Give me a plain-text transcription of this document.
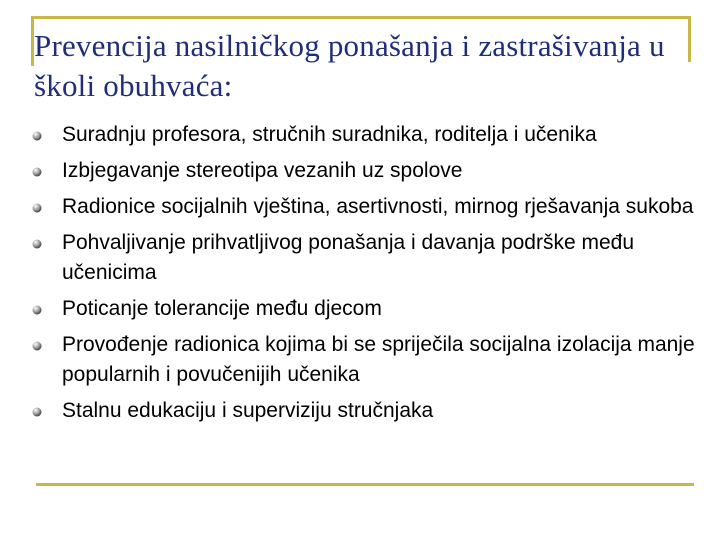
Prevencija nasilničkog ponašanja i zastrašivanja u školi obuhvaća:
Suradnju profesora, stručnih suradnika, roditelja i učenika
Izbjegavanje stereotipa vezanih uz spolove
Radionice socijalnih vještina, asertivnosti, mirnog rješavanja sukoba
Pohvaljivanje prihvatljivog ponašanja i davanja podrške među učenicima
Poticanje tolerancije među djecom
Provođenje radionica kojima bi se spriječila socijalna izolacija manje popularnih i povučenijih učenika
Stalnu edukaciju i superviziju stručnjaka
